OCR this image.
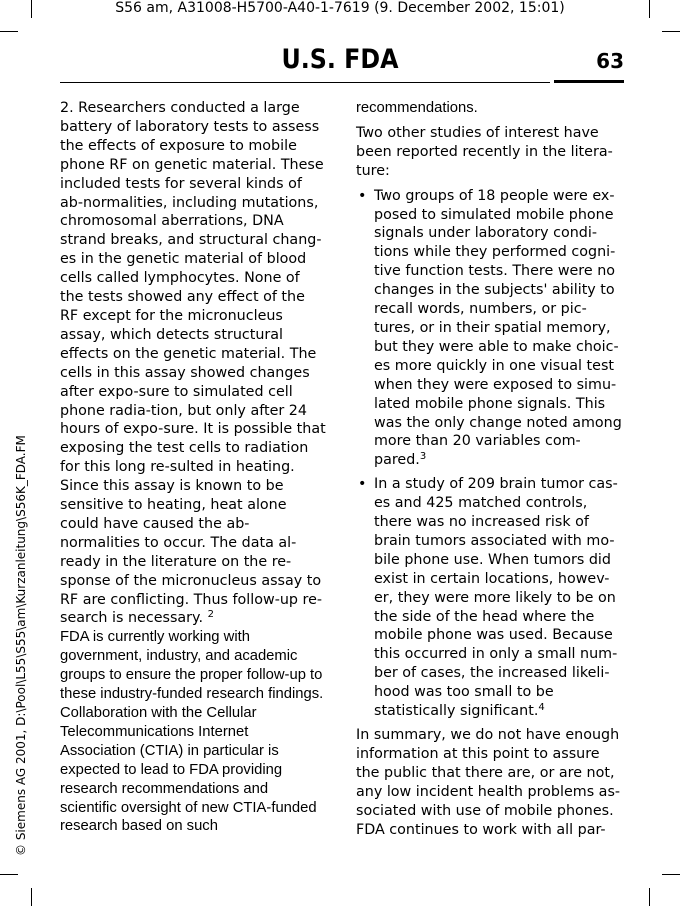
S56 am, A31008-H5700-A40-1-7619 (9. December 2002, 15:01)
U.S. FDA	63
© Siemens AG 2001, D:\Pool\L55\S55\am\Kurzanleitung\S56K_FDA.FM

2. Researchers conducted a large battery of laboratory tests to assess the effects of exposure to mobile phone RF on genetic material. These included tests for several kinds of ab-normalities, including mutations, chromosomal aberrations, DNA strand breaks, and structural chang-es in the genetic material of blood cells called lymphocytes. None of the tests showed any effect of the RF except for the micronucleus assay, which detects structural effects on the genetic material. The cells in this assay showed changes after expo-sure to simulated cell phone radia-tion, but only after 24 hours of expo-sure. It is possible that exposing the test cells to radiation for this long re-sulted in heating. Since this assay is known to be sensitive to heating, heat alone could have caused the ab-normalities to occur. The data al-ready in the literature on the re-sponse of the micronucleus assay to RF are conflicting. Thus follow-up re-search is necessary. $^2$

FDA is currently working with government, industry, and academic groups to ensure the proper follow-up to these industry-funded research findings. Collaboration with the Cellular Telecommunications Internet Association (CTIA) in particular is expected to lead to FDA providing research recommendations and scientific oversight of new CTIA-funded research based on such

recommendations.

Two other studies of interest have been reported recently in the litera-ture:

• Two groups of 18 people were ex-posed to simulated mobile phone signals under laboratory condi-tions while they performed cogni-tive function tests. There were no changes in the subjects' ability to recall words, numbers, or pic-tures, or in their spatial memory, but they were able to make choic-es more quickly in one visual test when they were exposed to simu-lated mobile phone signals. This was the only change noted among more than 20 variables com-pared.$^3$
• In a study of 209 brain tumor cas-es and 425 matched controls, there was no increased risk of brain tumors associated with mo-bile phone use. When tumors did exist in certain locations, howev-er, they were more likely to be on the side of the head where the mobile phone was used. Because this occurred in only a small num-ber of cases, the increased likeli-hood was too small to be statistically significant.$^4$

In summary, we do not have enough information at this point to assure the public that there are, or are not, any low incident health problems as-sociated with use of mobile phones. FDA continues to work with all par-
